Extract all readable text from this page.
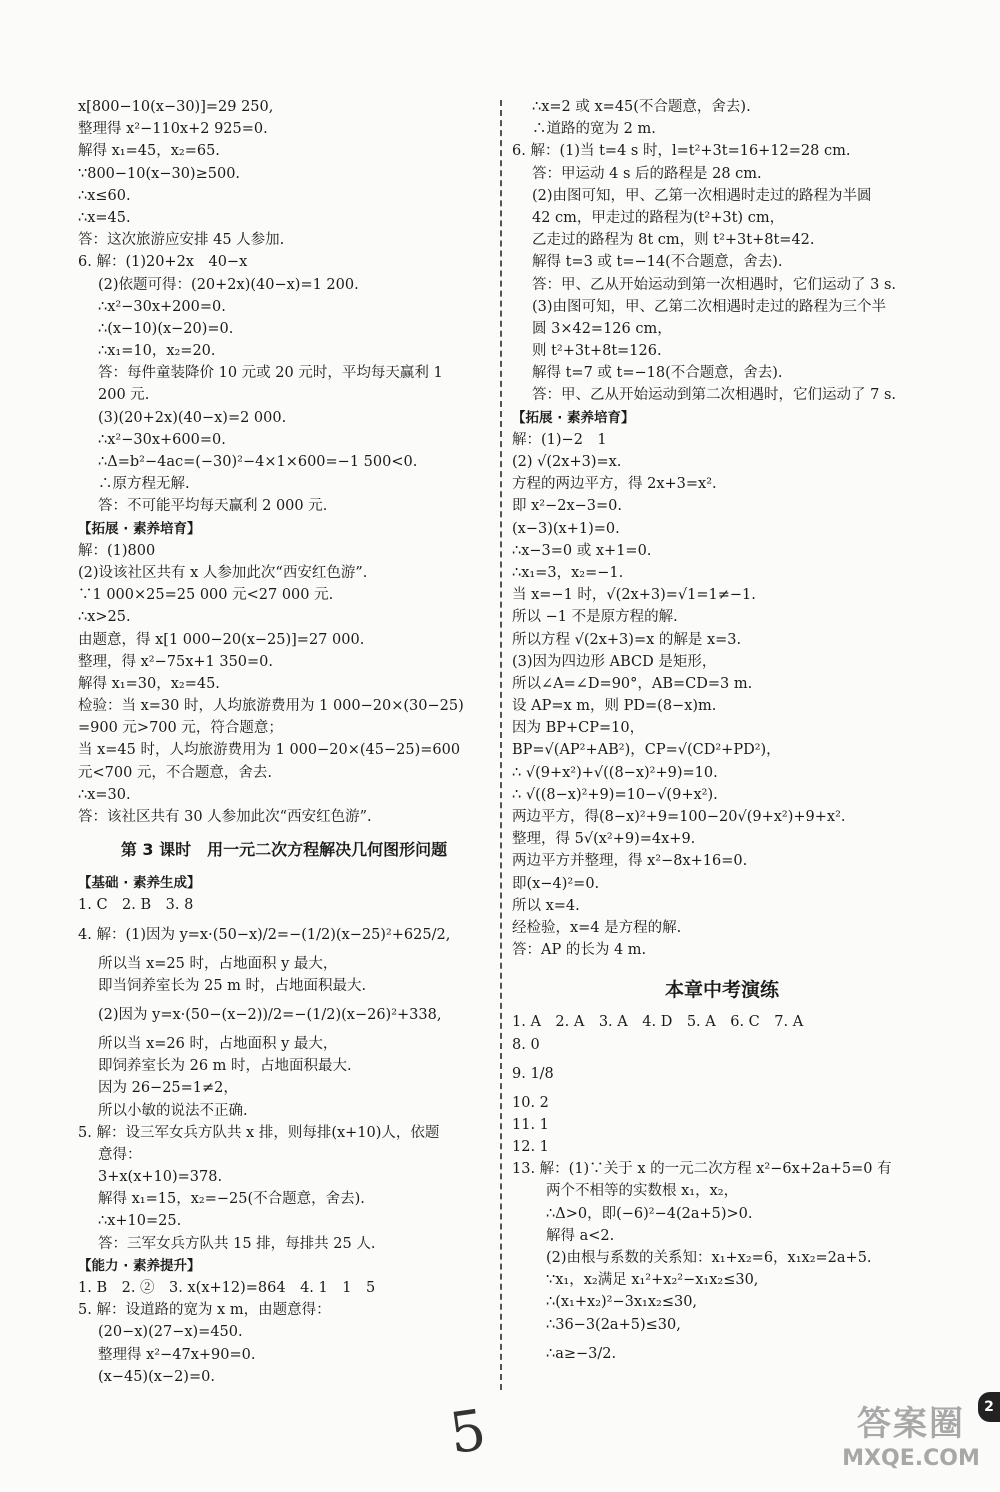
x[800−10(x−30)]=29 250,
整理得 x²−110x+2 925=0.
解得 x₁=45，x₂=65.
∵800−10(x−30)≥500.
∴x≤60.
∴x=45.
答：这次旅游应安排 45 人参加.
6. 解：(1)20+2x　40−x
(2)依题可得：(20+2x)(40−x)=1 200.
∴x²−30x+200=0.
∴(x−10)(x−20)=0.
∴x₁=10，x₂=20.
答：每件童装降价 10 元或 20 元时，平均每天赢利 1
200 元.
(3)(20+2x)(40−x)=2 000.
∴x²−30x+600=0.
∴Δ=b²−4ac=(−30)²−4×1×600=−1 500<0.
∴原方程无解.
答：不可能平均每天赢利 2 000 元.
【拓展 · 素养培育】
解：(1)800
(2)设该社区共有 x 人参加此次“西安红色游”.
∵1 000×25=25 000 元<27 000 元.
∴x>25.
由题意，得 x[1 000−20(x−25)]=27 000.
整理，得 x²−75x+1 350=0.
解得 x₁=30，x₂=45.
检验：当 x=30 时，人均旅游费用为 1 000−20×(30−25)
=900 元>700 元，符合题意；
当 x=45 时，人均旅游费用为 1 000−20×(45−25)=600
元<700 元，不合题意，舍去.
∴x=30.
答：该社区共有 30 人参加此次“西安红色游”.
第 3 课时　用一元二次方程解决几何图形问题
【基础 · 素养生成】
1. C　2. B　3. 8
4. 解：(1)因为 y=x·(50−x)/2=−(1/2)(x−25)²+625/2,
所以当 x=25 时，占地面积 y 最大，
即当饲养室长为 25 m 时，占地面积最大.
(2)因为 y=x·(50−(x−2))/2=−(1/2)(x−26)²+338,
所以当 x=26 时，占地面积 y 最大，
即饲养室长为 26 m 时，占地面积最大.
因为 26−25=1≠2，
所以小敏的说法不正确.
5. 解：设三军女兵方队共 x 排，则每排(x+10)人，依题
意得：
3+x(x+10)=378.
解得 x₁=15，x₂=−25(不合题意，舍去).
∴x+10=25.
答：三军女兵方队共 15 排，每排共 25 人.
【能力 · 素养提升】
1. B　2. ②　3. x(x+12)=864　4. 1　1　5
5. 解：设道路的宽为 x m，由题意得：
(20−x)(27−x)=450.
整理得 x²−47x+90=0.
(x−45)(x−2)=0.
∴x=2 或 x=45(不合题意，舍去).
∴道路的宽为 2 m.
6. 解：(1)当 t=4 s 时，l=t²+3t=16+12=28 cm.
答：甲运动 4 s 后的路程是 28 cm.
(2)由图可知，甲、乙第一次相遇时走过的路程为半圆
42 cm，甲走过的路程为(t²+3t) cm，
乙走过的路程为 8t cm，则 t²+3t+8t=42.
解得 t=3 或 t=−14(不合题意，舍去).
答：甲、乙从开始运动到第一次相遇时，它们运动了 3 s.
(3)由图可知，甲、乙第二次相遇时走过的路程为三个半
圆 3×42=126 cm，
则 t²+3t+8t=126.
解得 t=7 或 t=−18(不合题意，舍去).
答：甲、乙从开始运动到第二次相遇时，它们运动了 7 s.
【拓展 · 素养培育】
解：(1)−2　1
(2) √(2x+3)=x.
方程的两边平方，得 2x+3=x².
即 x²−2x−3=0.
(x−3)(x+1)=0.
∴x−3=0 或 x+1=0.
∴x₁=3，x₂=−1.
当 x=−1 时，√(2x+3)=√1=1≠−1.
所以 −1 不是原方程的解.
所以方程 √(2x+3)=x 的解是 x=3.
(3)因为四边形 ABCD 是矩形，
所以∠A=∠D=90°，AB=CD=3 m.
设 AP=x m，则 PD=(8−x)m.
因为 BP+CP=10，
BP=√(AP²+AB²)，CP=√(CD²+PD²)，
∴ √(9+x²)+√((8−x)²+9)=10.
∴ √((8−x)²+9)=10−√(9+x²).
两边平方，得(8−x)²+9=100−20√(9+x²)+9+x².
整理，得 5√(x²+9)=4x+9.
两边平方并整理，得 x²−8x+16=0.
即(x−4)²=0.
所以 x=4.
经检验，x=4 是方程的解.
答：AP 的长为 4 m.
本章中考演练
1. A　2. A　3. A　4. D　5. A　6. C　7. A
8. 0
9. 1/8
10. 2
11. 1
12. 1
13. 解：(1)∵关于 x 的一元二次方程 x²−6x+2a+5=0 有
两个不相等的实数根 x₁，x₂，
∴Δ>0，即(−6)²−4(2a+5)>0.
解得 a<2.
(2)由根与系数的关系知：x₁+x₂=6，x₁x₂=2a+5.
∵x₁，x₂满足 x₁²+x₂²−x₁x₂≤30,
∴(x₁+x₂)²−3x₁x₂≤30,
∴36−3(2a+5)≤30,
∴a≥−3/2.
5	答案圈
MXQE.COM
2
